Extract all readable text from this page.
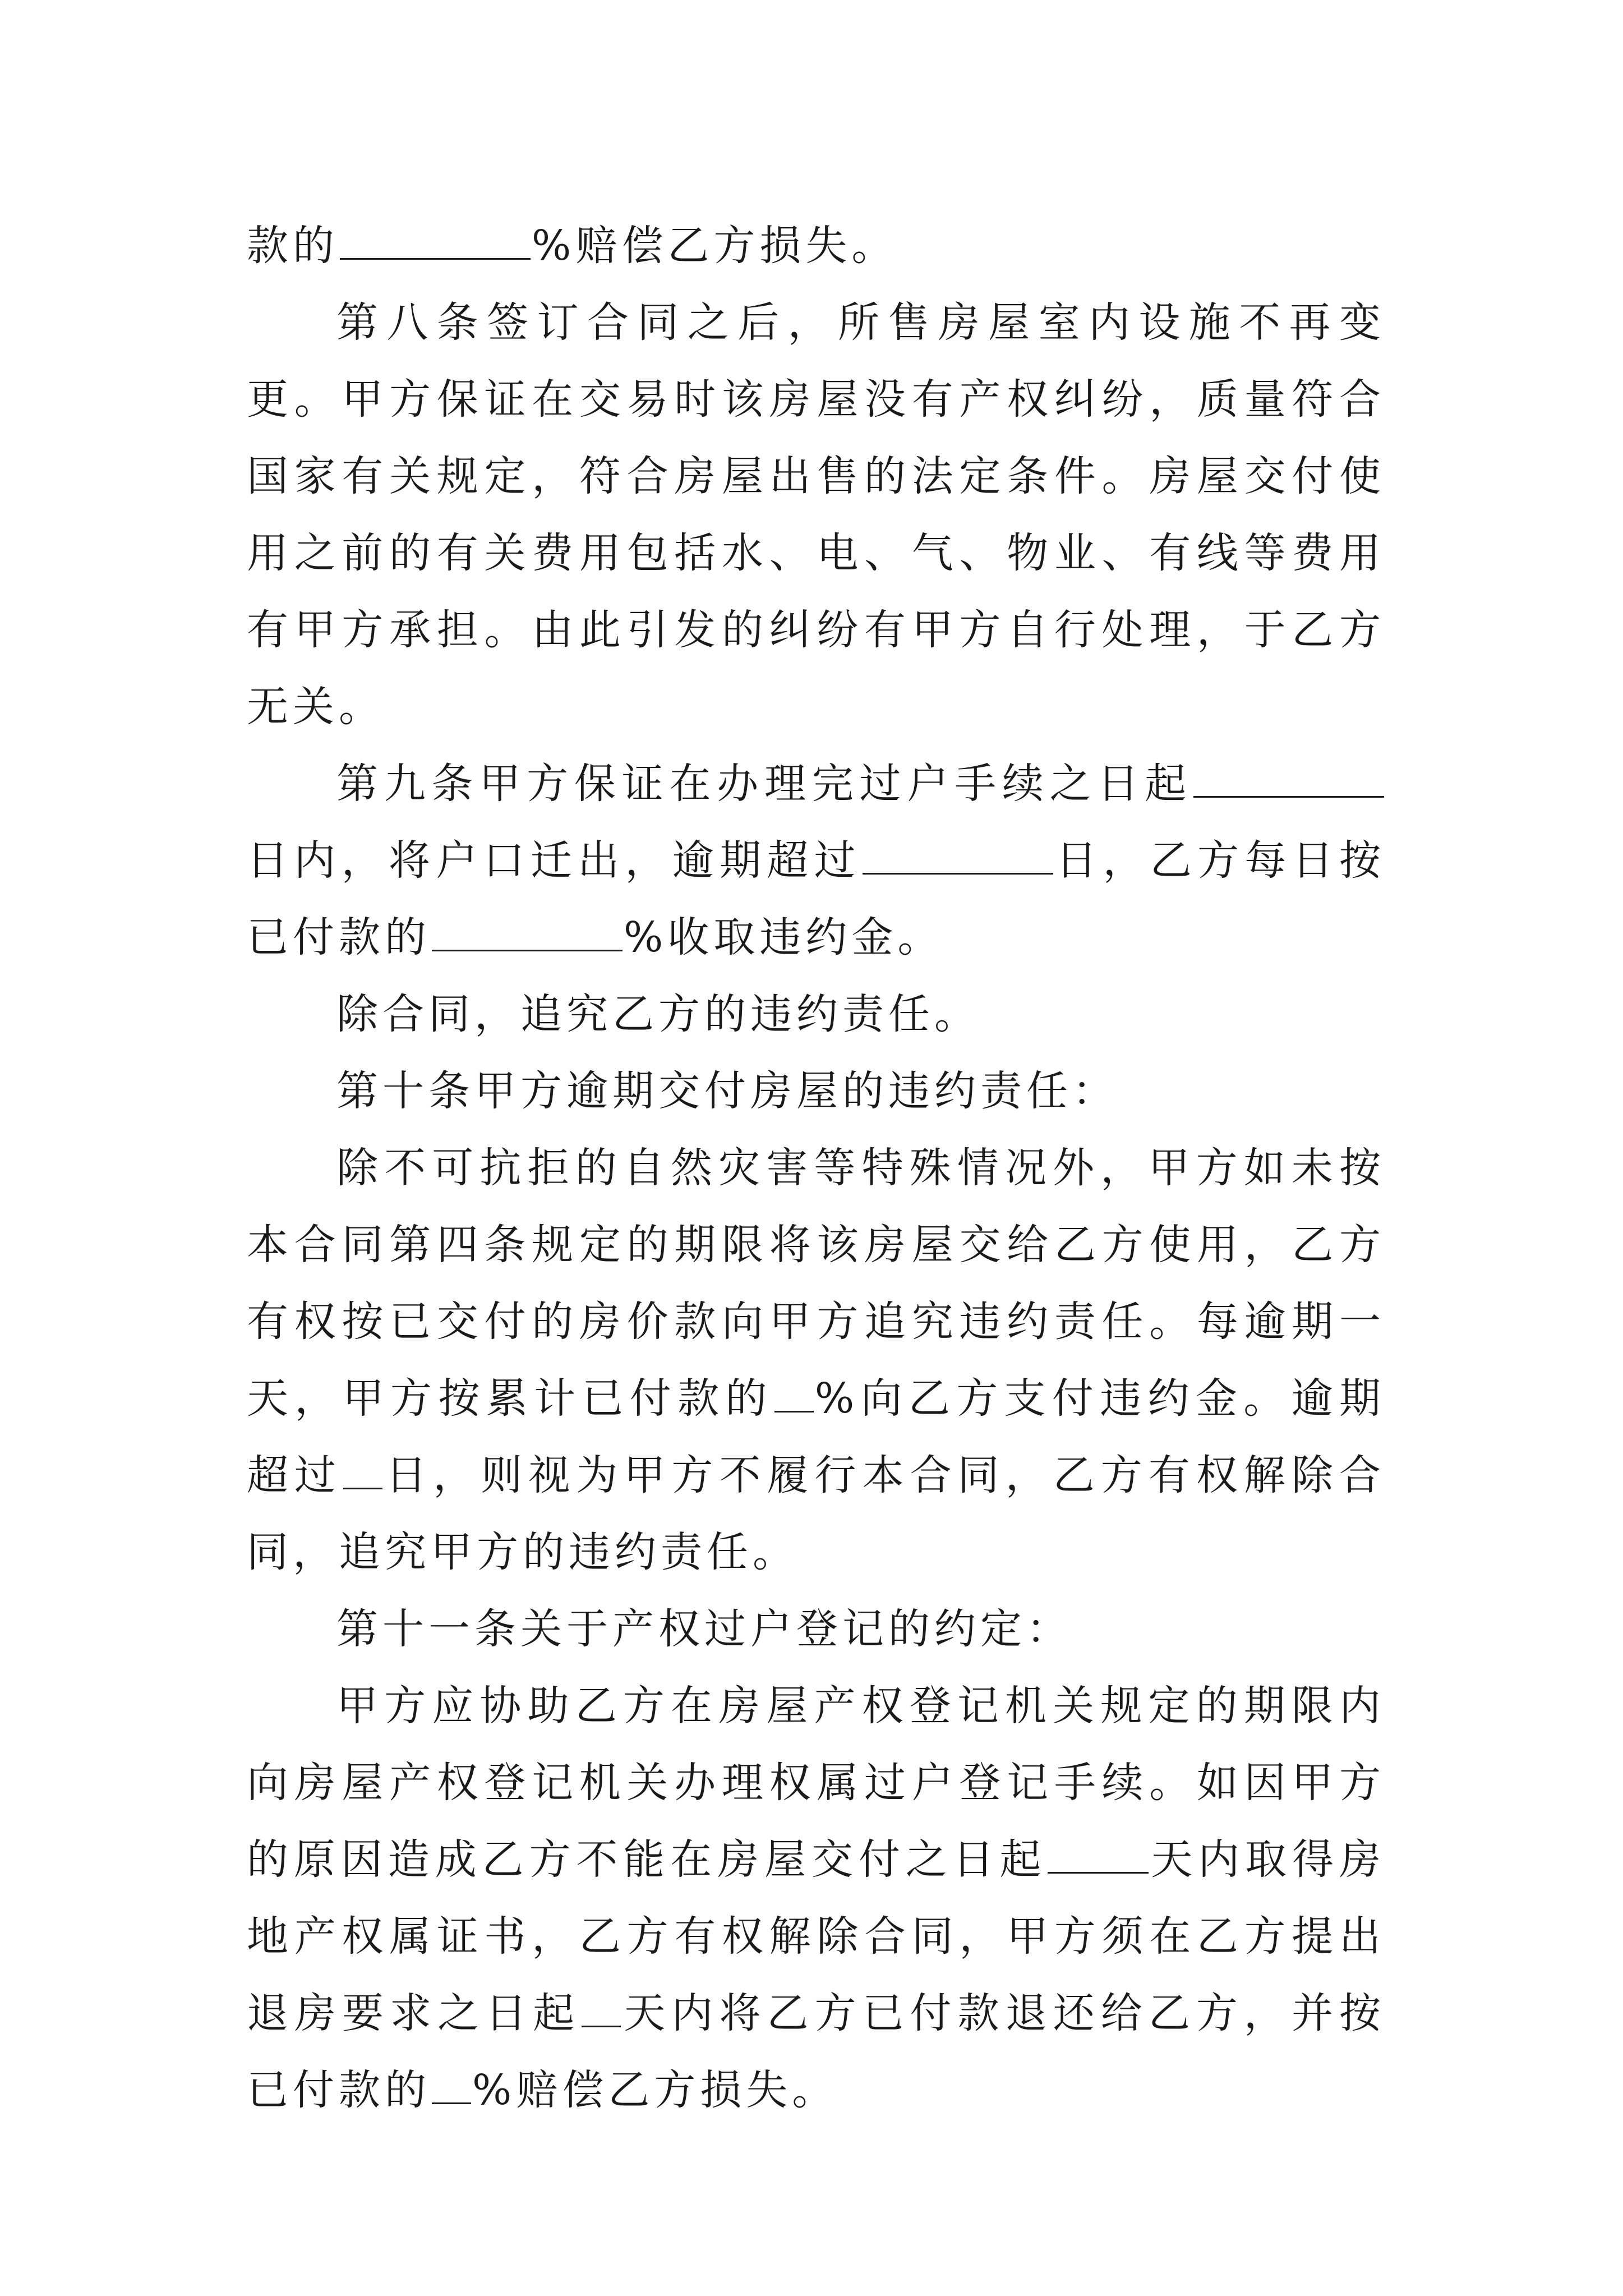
款的	%赔偿乙方损失。

第八条签订合同之后，所售房屋室内设施不再变更。甲方保证在交易时该房屋没有产权纠纷，质量符合国家有关规定，符合房屋出售的法定条件。房屋交付使用之前的有关费用包括水、电、气、物业、有线等费用有甲方承担。由此引发的纠纷有甲方自行处理，于乙方无关。

第九条甲方保证在办理完过户手续之日起日内，将户口迁出，逾期超过	日，乙方每日按已付款的	%收取违约金。

除合同，追究乙方的违约责任。

第十条甲方逾期交付房屋的违约责任：

除不可抗拒的自然灾害等特殊情况外，甲方如未按本合同第四条规定的期限将该房屋交给乙方使用，乙方有权按已交付的房价款向甲方追究违约责任。每逾期一天，甲方按累计已付款的 %向乙方支付违约金。逾期超过 日，则视为甲方不履行本合同，乙方有权解除合同，追究甲方的违约责任。

第十一条关于产权过户登记的约定：

甲方应协助乙方在房屋产权登记机关规定的期限内向房屋产权登记机关办理权属过户登记手续。如因甲方的原因造成乙方不能在房屋交付之日起 天内取得房地产权属证书，乙方有权解除合同，甲方须在乙方提出退房要求之日起 天内将乙方已付款退还给乙方，并按已付款的 %赔偿乙方损失。
